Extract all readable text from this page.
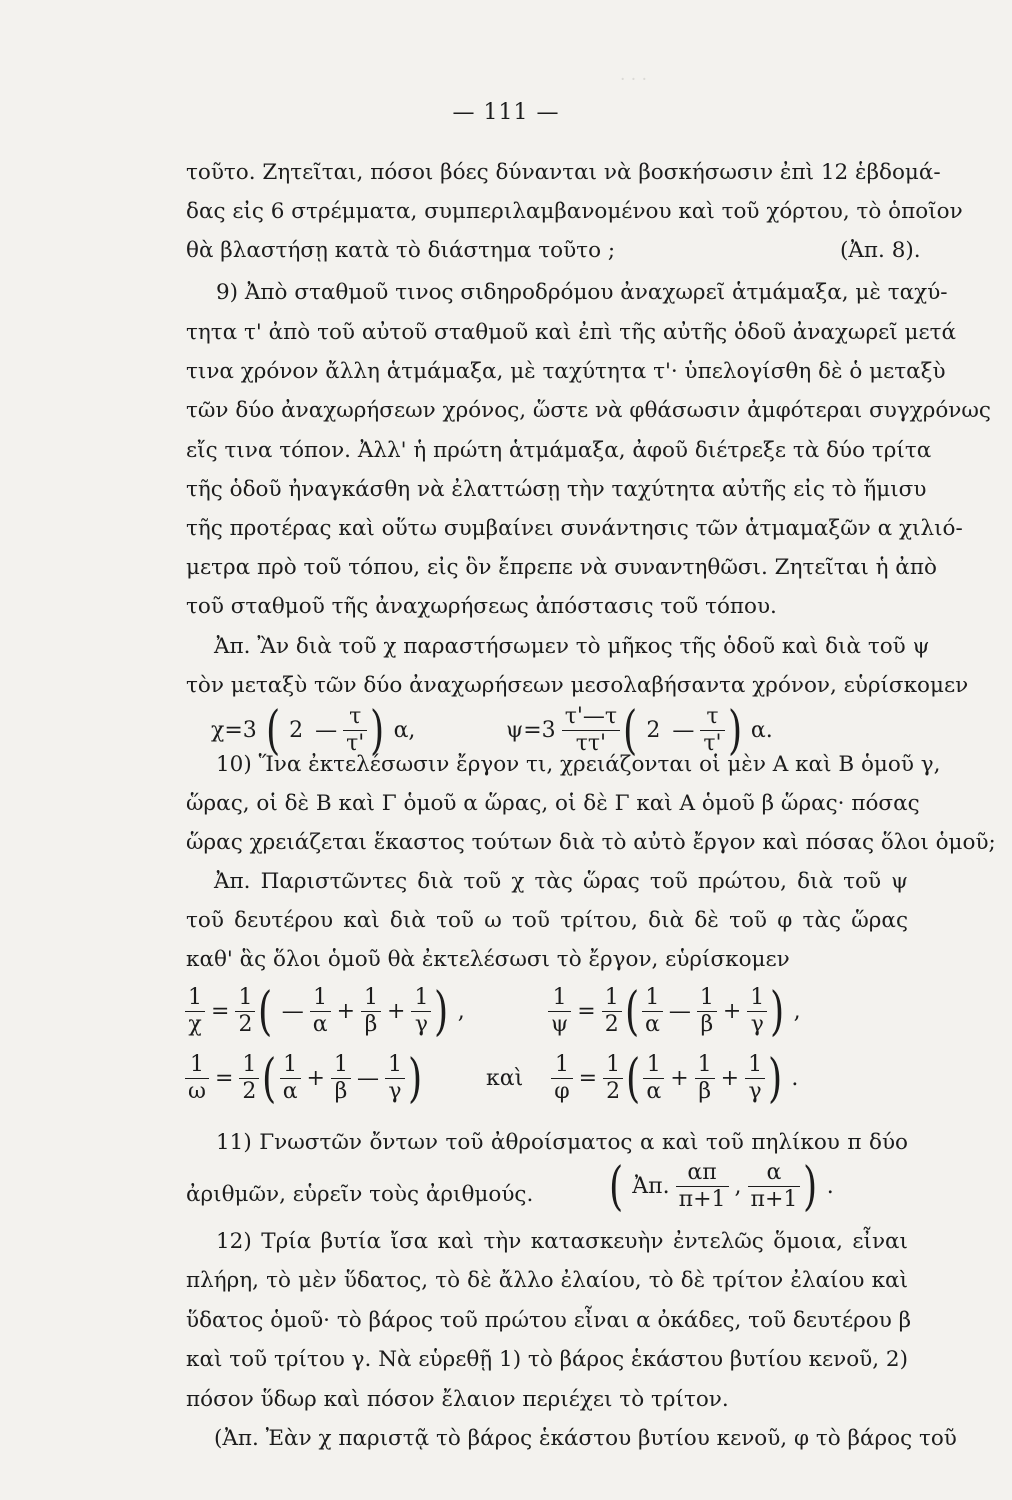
· · ·
— 111 —
τοῦτο. Ζητεῖται, πόσοι βόες δύνανται νὰ βοσκήσωσιν ἐπὶ 12 ἑβδομά-
δας εἰς 6 στρέμματα, συμπεριλαμβανομένου καὶ τοῦ χόρτου, τὸ ὁποῖον
θὰ βλαστήσῃ κατὰ τὸ διάστημα τοῦτο ;	(Ἀπ. 8).
9) Ἀπὸ σταθμοῦ τινος σιδηροδρόμου ἀναχωρεῖ ἁτμάμαξα, μὲ ταχύ-
τητα τ' ἀπὸ τοῦ αὐτοῦ σταθμοῦ καὶ ἐπὶ τῆς αὐτῆς ὁδοῦ ἀναχωρεῖ μετά
τινα χρόνον ἄλλη ἁτμάμαξα, μὲ ταχύτητα τ'· ὑπελογίσθη δὲ ὁ μεταξὺ
τῶν δύο ἀναχωρήσεων χρόνος, ὥστε νὰ φθάσωσιν ἀμφότεραι συγχρόνως
εἴς τινα τόπον. Ἀλλ' ἡ πρώτη ἁτμάμαξα, ἀφοῦ διέτρεξε τὰ δύο τρίτα
τῆς ὁδοῦ ἠναγκάσθη νὰ ἐλαττώσῃ τὴν ταχύτητα αὐτῆς εἰς τὸ ἥμισυ
τῆς προτέρας καὶ οὕτω συμβαίνει συνάντησις τῶν ἁτμαμαξῶν α χιλιό-
μετρα πρὸ τοῦ τόπου, εἰς ὃν ἔπρεπε νὰ συναντηθῶσι. Ζητεῖται ἡ ἀπὸ
τοῦ σταθμοῦ τῆς ἀναχωρήσεως ἀπόστασις τοῦ τόπου.
Ἀπ. Ἂν διὰ τοῦ χ παραστήσωμεν τὸ μῆκος τῆς ὁδοῦ καὶ διὰ τοῦ ψ
τὸν μεταξὺ τῶν δύο ἀναχωρήσεων μεσολαβήσαντα χρόνον, εὑρίσκομεν
χ=3 ( 2 — $\frac{\tau}{\tau'}$ ) α,	$\psi=3 \frac{\tau'—\tau}{\tau\tau'}$ ( 2 — $\frac{\tau}{\tau'}$ ) α.
10) Ἵνα ἐκτελέσωσιν ἔργον τι, χρειάζονται οἱ μὲν Α καὶ Β ὁμοῦ γ,
ὥρας, οἱ δὲ Β καὶ Γ ὁμοῦ α ὥρας, οἱ δὲ Γ καὶ Α ὁμοῦ β ὥρας· πόσας
ὥρας χρειάζεται ἕκαστος τούτων διὰ τὸ αὐτὸ ἔργον καὶ πόσας ὅλοι ὁμοῦ;
Ἀπ. Παριστῶντες διὰ τοῦ χ τὰς ὥρας τοῦ πρώτου, διὰ τοῦ ψ
τοῦ δευτέρου καὶ διὰ τοῦ ω τοῦ τρίτου, διὰ δὲ τοῦ φ τὰς ὥρας
καθ' ἃς ὅλοι ὁμοῦ θὰ ἐκτελέσωσι τὸ ἔργον, εὑρίσκομεν
$\frac{1}{\chi} = \frac{1}{2}$ ( — $\frac{1}{\alpha} + \frac{1}{\beta} + \frac{1}{\gamma}$ ) ,	$\frac{1}{\psi} = \frac{1}{2}$ ( $\frac{1}{\alpha}$ — $\frac{1}{\beta} + \frac{1}{\gamma}$ ) ,
$\frac{1}{\omega} = \frac{1}{2}$ ( $\frac{1}{\alpha} + \frac{1}{\beta}$ — $\frac{1}{\gamma}$ )	καὶ $\frac{1}{\varphi} = \frac{1}{2}$ ( $\frac{1}{\alpha} + \frac{1}{\beta} + \frac{1}{\gamma}$ ) .
11) Γνωστῶν ὄντων τοῦ ἀθροίσματος α καὶ τοῦ πηλίκου π δύο
ἀριθμῶν, εὑρεῖν τοὺς ἀριθμούς.	( Ἀπ. $\frac{\alpha\pi}{\pi+1}$ , $\frac{\alpha}{\pi+1}$ ) .
12) Τρία βυτία ἴσα καὶ τὴν κατασκευὴν ἐντελῶς ὅμοια, εἶναι
πλήρη, τὸ μὲν ὕδατος, τὸ δὲ ἄλλο ἐλαίου, τὸ δὲ τρίτον ἐλαίου καὶ
ὕδατος ὁμοῦ· τὸ βάρος τοῦ πρώτου εἶναι α ὀκάδες, τοῦ δευτέρου β
καὶ τοῦ τρίτου γ. Νὰ εὑρεθῇ 1) τὸ βάρος ἑκάστου βυτίου κενοῦ, 2)
πόσον ὕδωρ καὶ πόσον ἔλαιον περιέχει τὸ τρίτον.
(Ἀπ. Ἐὰν χ παριστᾷ τὸ βάρος ἑκάστου βυτίου κενοῦ, φ τὸ βάρος τοῦ
